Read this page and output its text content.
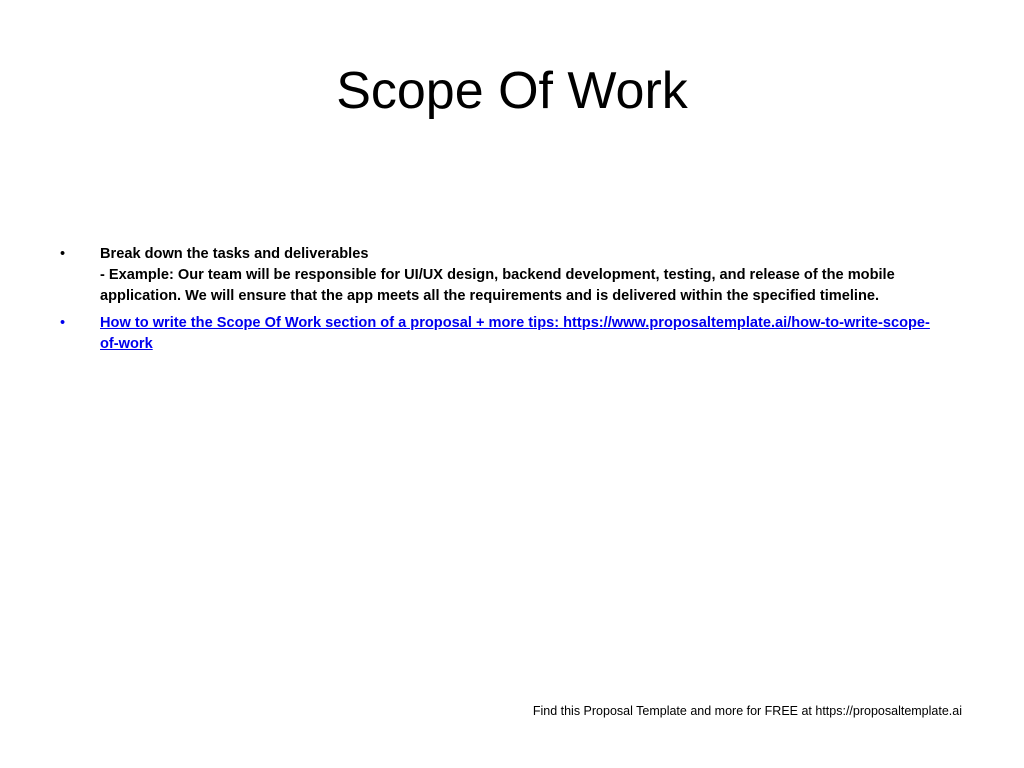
Scope Of Work
•	Break down the tasks and deliverables
- Example: Our team will be responsible for UI/UX design, backend development, testing, and release of the mobile application. We will ensure that the app meets all the requirements and is delivered within the specified timeline.
•	How to write the Scope Of Work section of a proposal + more tips: https://www.proposaltemplate.ai/how-to-write-scope-of-work
Find this Proposal Template and more for FREE at https://proposaltemplate.ai
